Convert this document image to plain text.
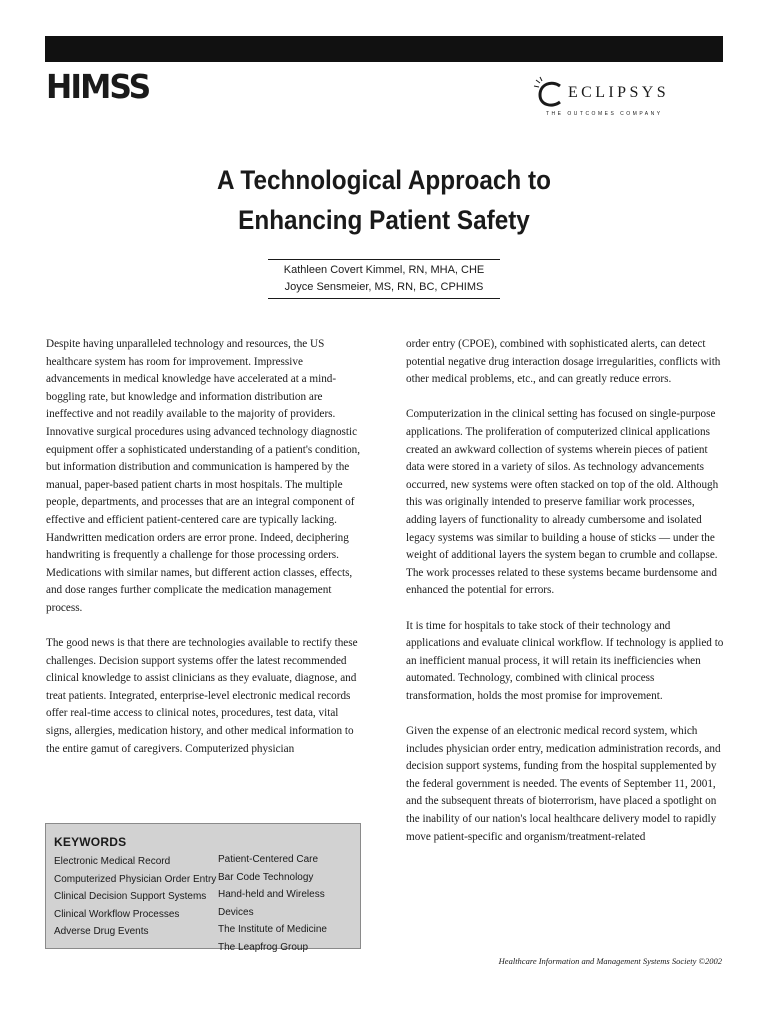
HIMSS	ECLIPSYS
THE OUTCOMES COMPANY
A Technological Approach to
Enhancing Patient Safety
Kathleen Covert Kimmel, RN, MHA, CHE
Joyce Sensmeier, MS, RN, BC, CPHIMS

Despite having unparalleled technology and resources, the US healthcare system has room for improvement. Impressive advancements in medical knowledge have accelerated at a mind-boggling rate, but knowledge and information distribution are ineffective and not readily available to the majority of providers. Innovative surgical procedures using advanced technology diagnostic equipment offer a sophisticated understanding of a patient's condition, but information distribution and communication is hampered by the manual, paper-based patient charts in most hospitals. The multiple people, departments, and processes that are an integral component of effective and efficient patient-centered care are typically lacking. Handwritten medication orders are error prone. Indeed, deciphering handwriting is frequently a challenge for those processing orders. Medications with similar names, but different action classes, effects, and dose ranges further complicate the medication management process.

The good news is that there are technologies available to rectify these challenges. Decision support systems offer the latest recommended clinical knowledge to assist clinicians as they evaluate, diagnose, and treat patients. Integrated, enterprise-level electronic medical records offer real-time access to clinical notes, procedures, test data, vital signs, allergies, medication history, and other medical information to the entire gamut of caregivers. Computerized physician

order entry (CPOE), combined with sophisticated alerts, can detect potential negative drug interaction dosage irregularities, conflicts with other medical problems, etc., and can greatly reduce errors.

Computerization in the clinical setting has focused on single-purpose applications. The proliferation of computerized clinical applications created an awkward collection of systems wherein pieces of patient data were stored in a variety of silos. As technology advancements occurred, new systems were often stacked on top of the old. Although this was originally intended to preserve familiar work processes, adding layers of functionality to already cumbersome and isolated legacy systems was similar to building a house of sticks — under the weight of additional layers the system began to crumble and collapse. The work processes related to these systems became burdensome and enhanced the potential for errors.

It is time for hospitals to take stock of their technology and applications and evaluate clinical workflow. If technology is applied to an inefficient manual process, it will retain its inefficiencies when automated. Technology, combined with clinical process transformation, holds the most promise for improvement.

Given the expense of an electronic medical record system, which includes physician order entry, medication administration records, and decision support systems, funding from the hospital supplemented by the federal government is needed. The events of September 11, 2001, and the subsequent threats of bioterrorism, have placed a spotlight on the inability of our nation's local healthcare delivery model to rapidly move patient-specific and organism/treatment-related

KEYWORDS
Electronic Medical Record
Computerized Physician Order Entry
Clinical Decision Support Systems
Clinical Workflow Processes
Adverse Drug Events
Patient-Centered Care
Bar Code Technology
Hand-held and Wireless Devices
The Institute of Medicine
The Leapfrog Group
Healthcare Information and Management Systems Society ©2002
